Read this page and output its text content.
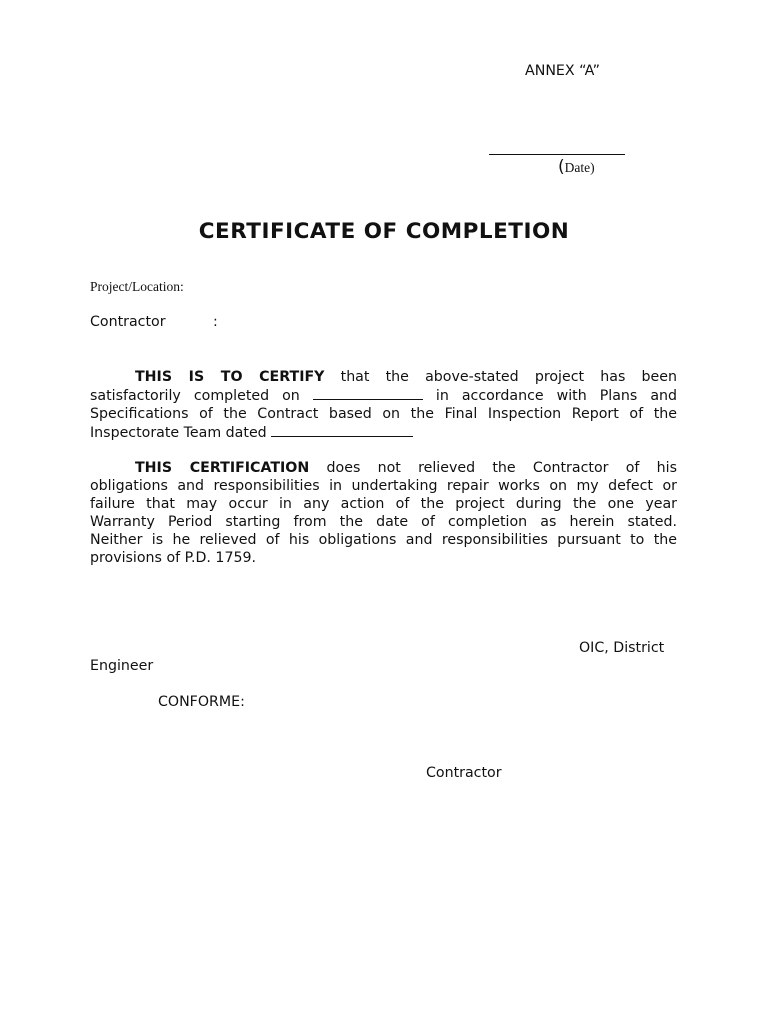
ANNEX “A”
(Date)
CERTIFICATE OF COMPLETION
Project/Location:
Contractor	:
THIS IS TO CERTIFY that the above-stated project has been
satisfactorily completed on	in accordance with Plans and
Specifications of the Contract based on the Final Inspection Report of the
Inspectorate Team dated
THIS CERTIFICATION does not relieved the Contractor of his
obligations and responsibilities in undertaking repair works on my defect or
failure that may occur in any action of the project during the one year
Warranty Period starting from the date of completion as herein stated.
Neither is he relieved of his obligations and responsibilities pursuant to the
provisions of P.D. 1759.
OIC, District
Engineer
CONFORME:
Contractor
